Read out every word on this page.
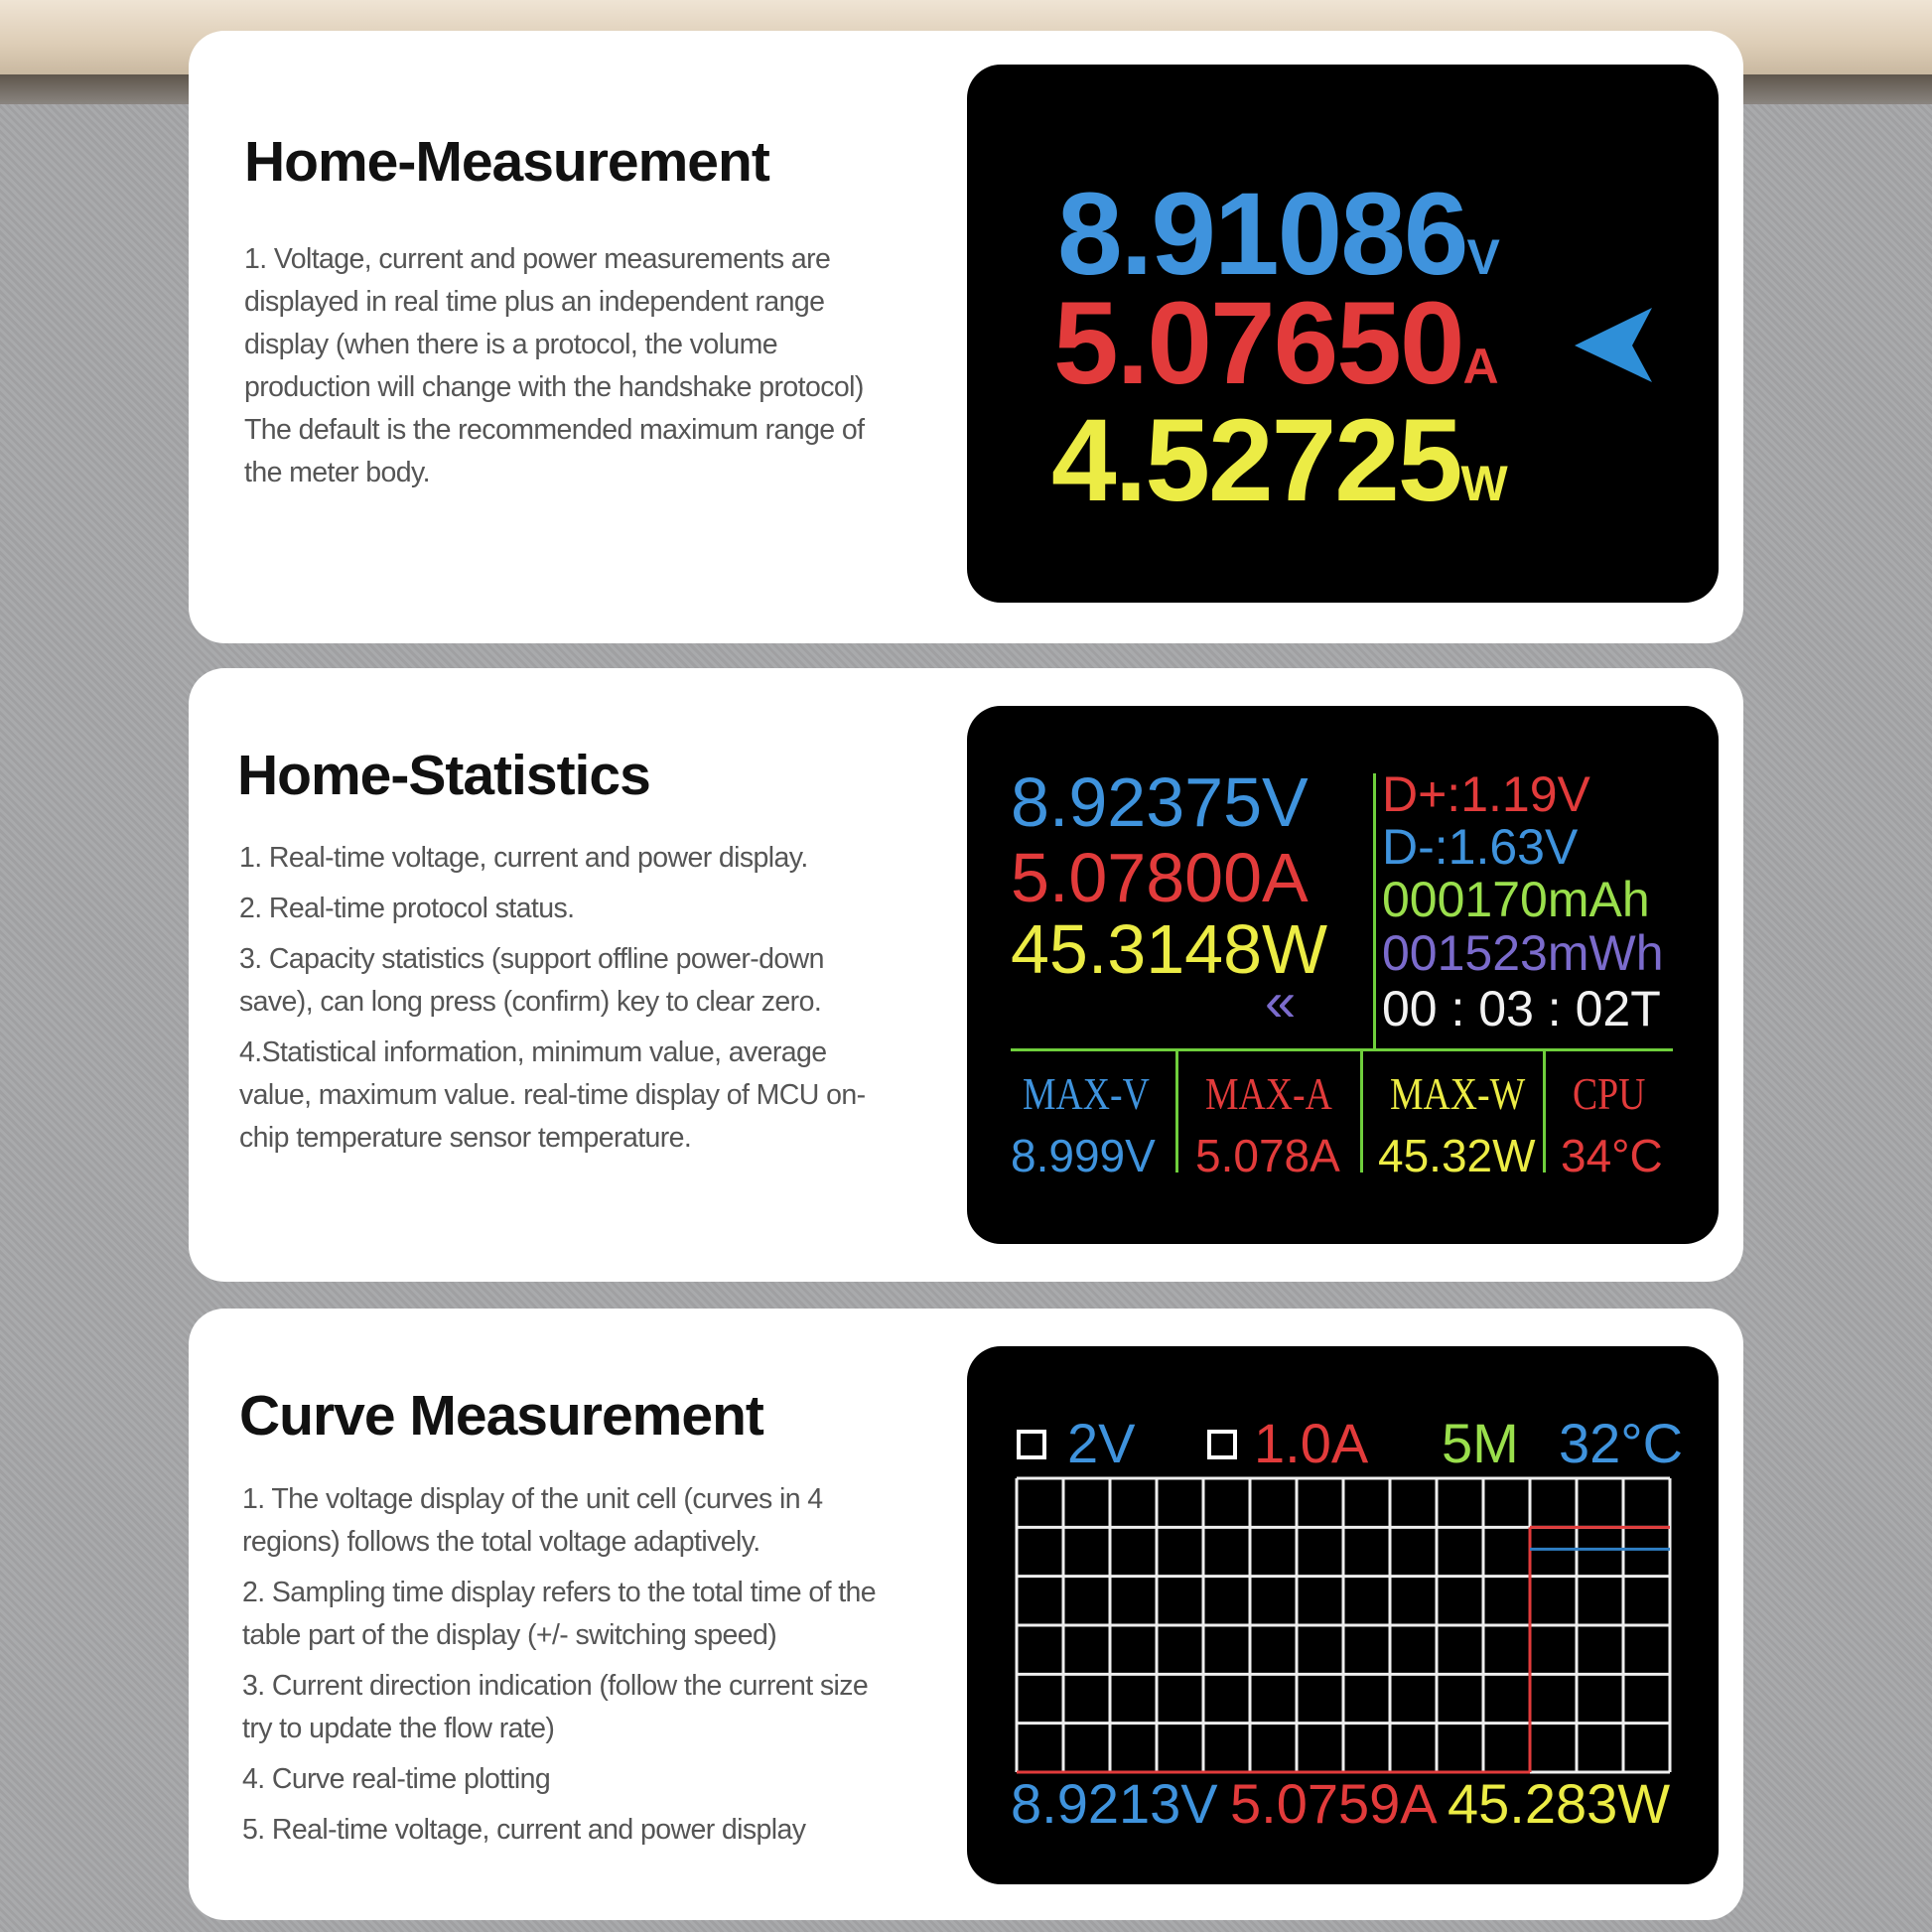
Home-Measurement
1. Voltage, current and power measurements are displayed in real time plus an independent range display (when there is a protocol, the volume production will change with the handshake protocol) The default is the recommended maximum range of the meter body.
8.91086V
5.07650A
4.52725W
Home-Statistics
1. Real-time voltage, current and power display.
2. Real-time protocol status.
3. Capacity statistics (support offline power-down save), can long press (confirm) key to clear zero.
4.Statistical information, minimum value, average value, maximum value. real-time display of MCU on-chip temperature sensor temperature.
8.92375V
5.07800A
45.3148W
«
D+:1.19V
D-:1.63V
000170mAh
001523mWh
00 : 03 : 02T
MAX-V MAX-A MAX-W CPU
8.999V 5.078A 45.32W 34°C
Curve Measurement
1. The voltage display of the unit cell (curves in 4 regions) follows the total voltage adaptively.
2. Sampling time display refers to the total time of the table part of the display (+/- switching speed)
3. Current direction indication (follow the current size try to update the flow rate)
4. Curve real-time plotting
5. Real-time voltage, current and power display
2V 1.0A 5M 32°C
8.9213V 5.0759A 45.283W
